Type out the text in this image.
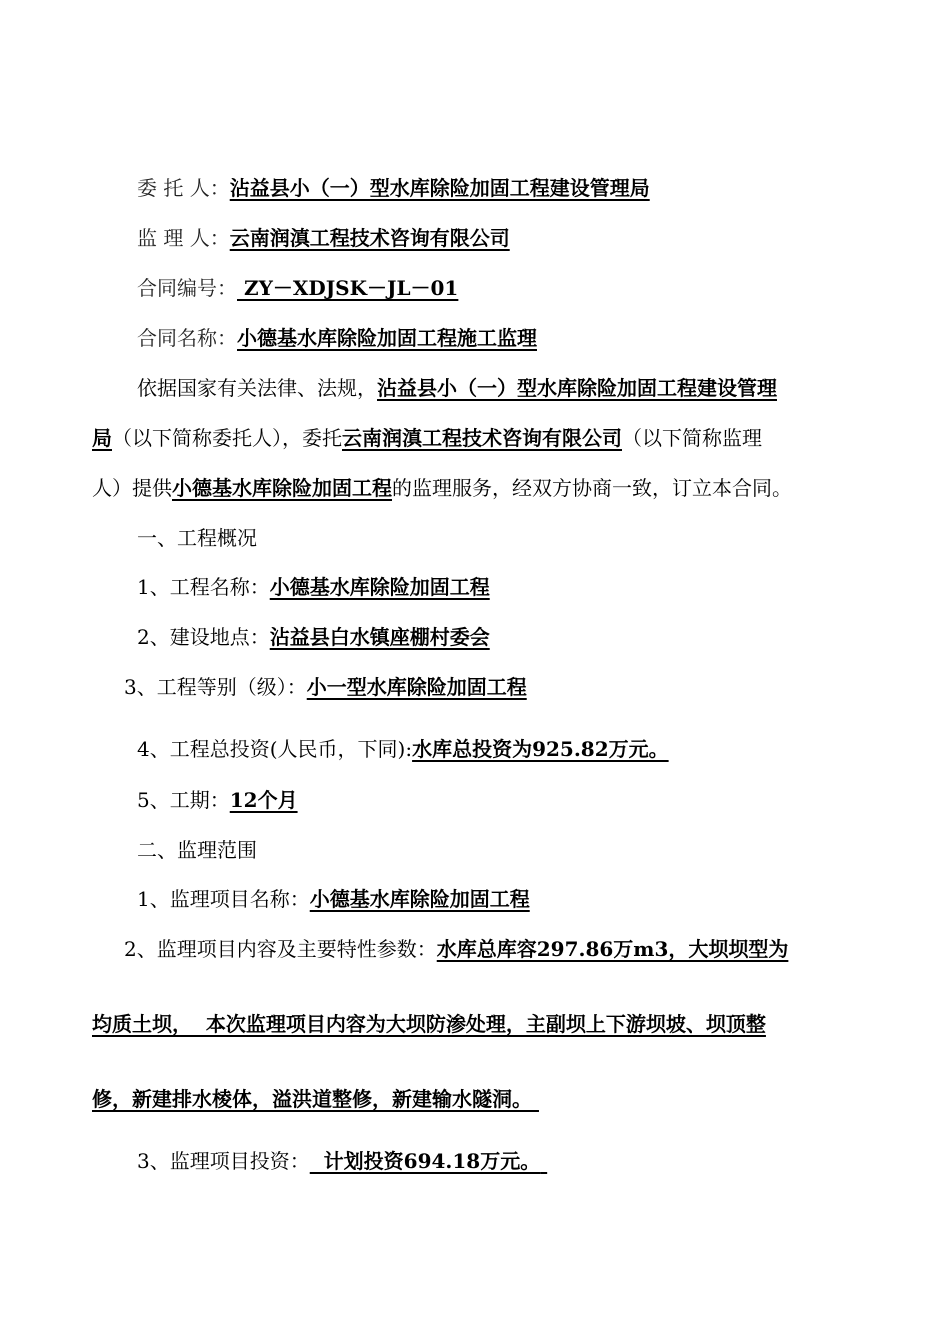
委 托 人：沾益县小（一）型水库除险加固工程建设管理局
监 理 人：云南润滇工程技术咨询有限公司
合同编号： ZY－XDJSK－JL－01
合同名称：小德基水库除险加固工程施工监理
依据国家有关法律、法规，沾益县小（一）型水库除险加固工程建设管理
局（以下简称委托人），委托云南润滇工程技术咨询有限公司（以下简称监理
人）提供小德基水库除险加固工程的监理服务，经双方协商一致，订立本合同。
一、工程概况
1、工程名称：小德基水库除险加固工程
2、建设地点：沾益县白水镇座棚村委会
3、工程等别（级）：小一型水库除险加固工程
4、工程总投资(人民币，下同):水库总投资为925.82万元。
5、工期：12个月
二、监理范围
1、监理项目名称：小德基水库除险加固工程
2、监理项目内容及主要特性参数：水库总库容297.86万m3，大坝坝型为
均质土坝，  本次监理项目内容为大坝防渗处理，主副坝上下游坝坡、坝顶整
修，新建排水棱体，溢洪道整修，新建输水隧洞。
3、监理项目投资：  计划投资694.18万元。
